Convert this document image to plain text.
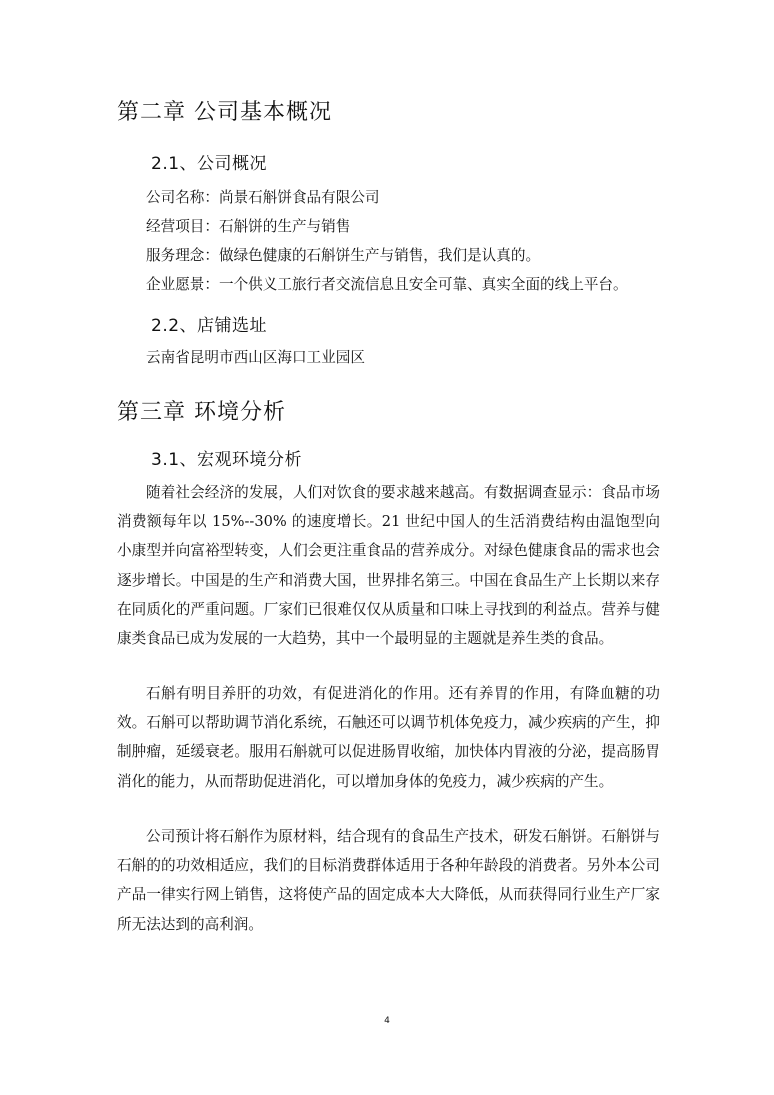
第二章 公司基本概况
2.1、公司概况
公司名称：尚景石斛饼食品有限公司
经营项目：石斛饼的生产与销售
服务理念：做绿色健康的石斛饼生产与销售，我们是认真的。
企业愿景：一个供义工旅行者交流信息且安全可靠、真实全面的线上平台。
2.2、店铺选址
云南省昆明市西山区海口工业园区
第三章 环境分析
3.1、宏观环境分析
随着社会经济的发展，人们对饮食的要求越来越高。有数据调查显示：食品市场消费额每年以 15%--30% 的速度增长。21 世纪中国人的生活消费结构由温饱型向小康型并向富裕型转变，人们会更注重食品的营养成分。对绿色健康食品的需求也会逐步增长。中国是的生产和消费大国，世界排名第三。中国在食品生产上长期以来存在同质化的严重问题。厂家们已很难仅仅从质量和口味上寻找到的利益点。营养与健康类食品已成为发展的一大趋势，其中一个最明显的主题就是养生类的食品。
石斛有明目养肝的功效，有促进消化的作用。还有养胃的作用，有降血糖的功效。石斛可以帮助调节消化系统，石触还可以调节机体免疫力，减少疾病的产生，抑制肿瘤，延缓衰老。服用石斛就可以促进肠胃收缩，加快体内胃液的分泌，提高肠胃消化的能力，从而帮助促进消化，可以增加身体的免疫力，减少疾病的产生。
公司预计将石斛作为原材料，结合现有的食品生产技术，研发石斛饼。石斛饼与石斛的的功效相适应，我们的目标消费群体适用于各种年龄段的消费者。另外本公司产品一律实行网上销售，这将使产品的固定成本大大降低，从而获得同行业生产厂家所无法达到的高利润。
4
